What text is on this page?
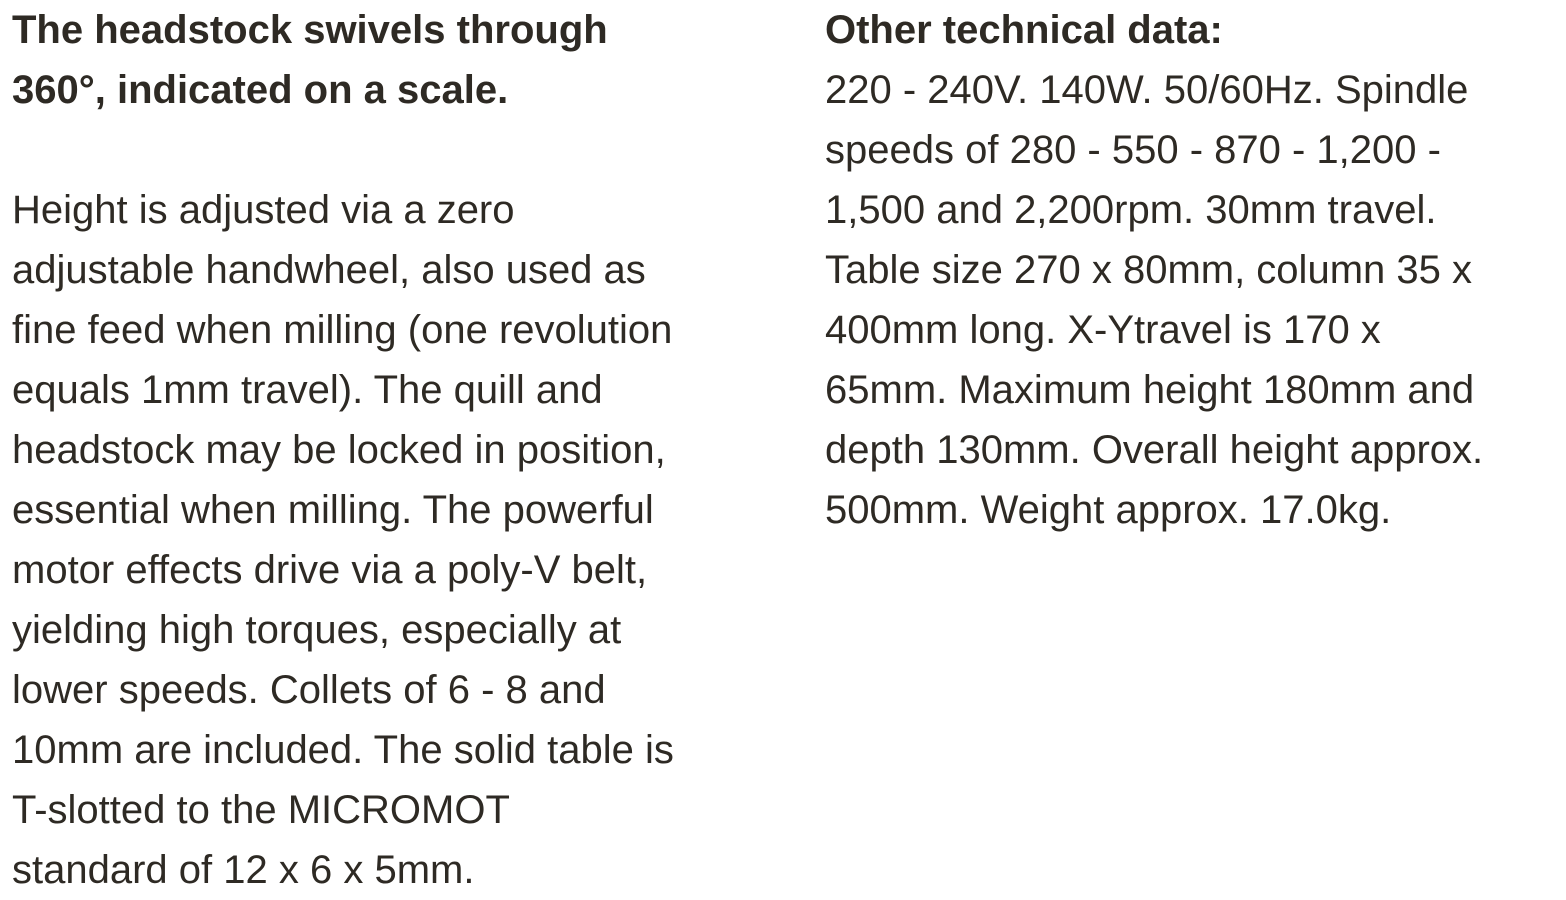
The headstock swivels through
360°, indicated on a scale.
Height is adjusted via a zero
adjustable handwheel, also used as
fine feed when milling (one revolution
equals 1mm travel). The quill and
headstock may be locked in position,
essential when milling. The powerful
motor effects drive via a poly-V belt,
yielding high torques, especially at
lower speeds. Collets of 6 - 8 and
10mm are included. The solid table is
T-slotted to the MICROMOT
standard of 12 x 6 x 5mm.
Other technical data:
220 - 240V. 140W. 50/60Hz. Spindle
speeds of 280 - 550 - 870 - 1,200 -
1,500 and 2,200rpm. 30mm travel.
Table size 270 x 80mm, column 35 x
400mm long. X-Ytravel is 170 x
65mm. Maximum height 180mm and
depth 130mm. Overall height approx.
500mm. Weight approx. 17.0kg.
